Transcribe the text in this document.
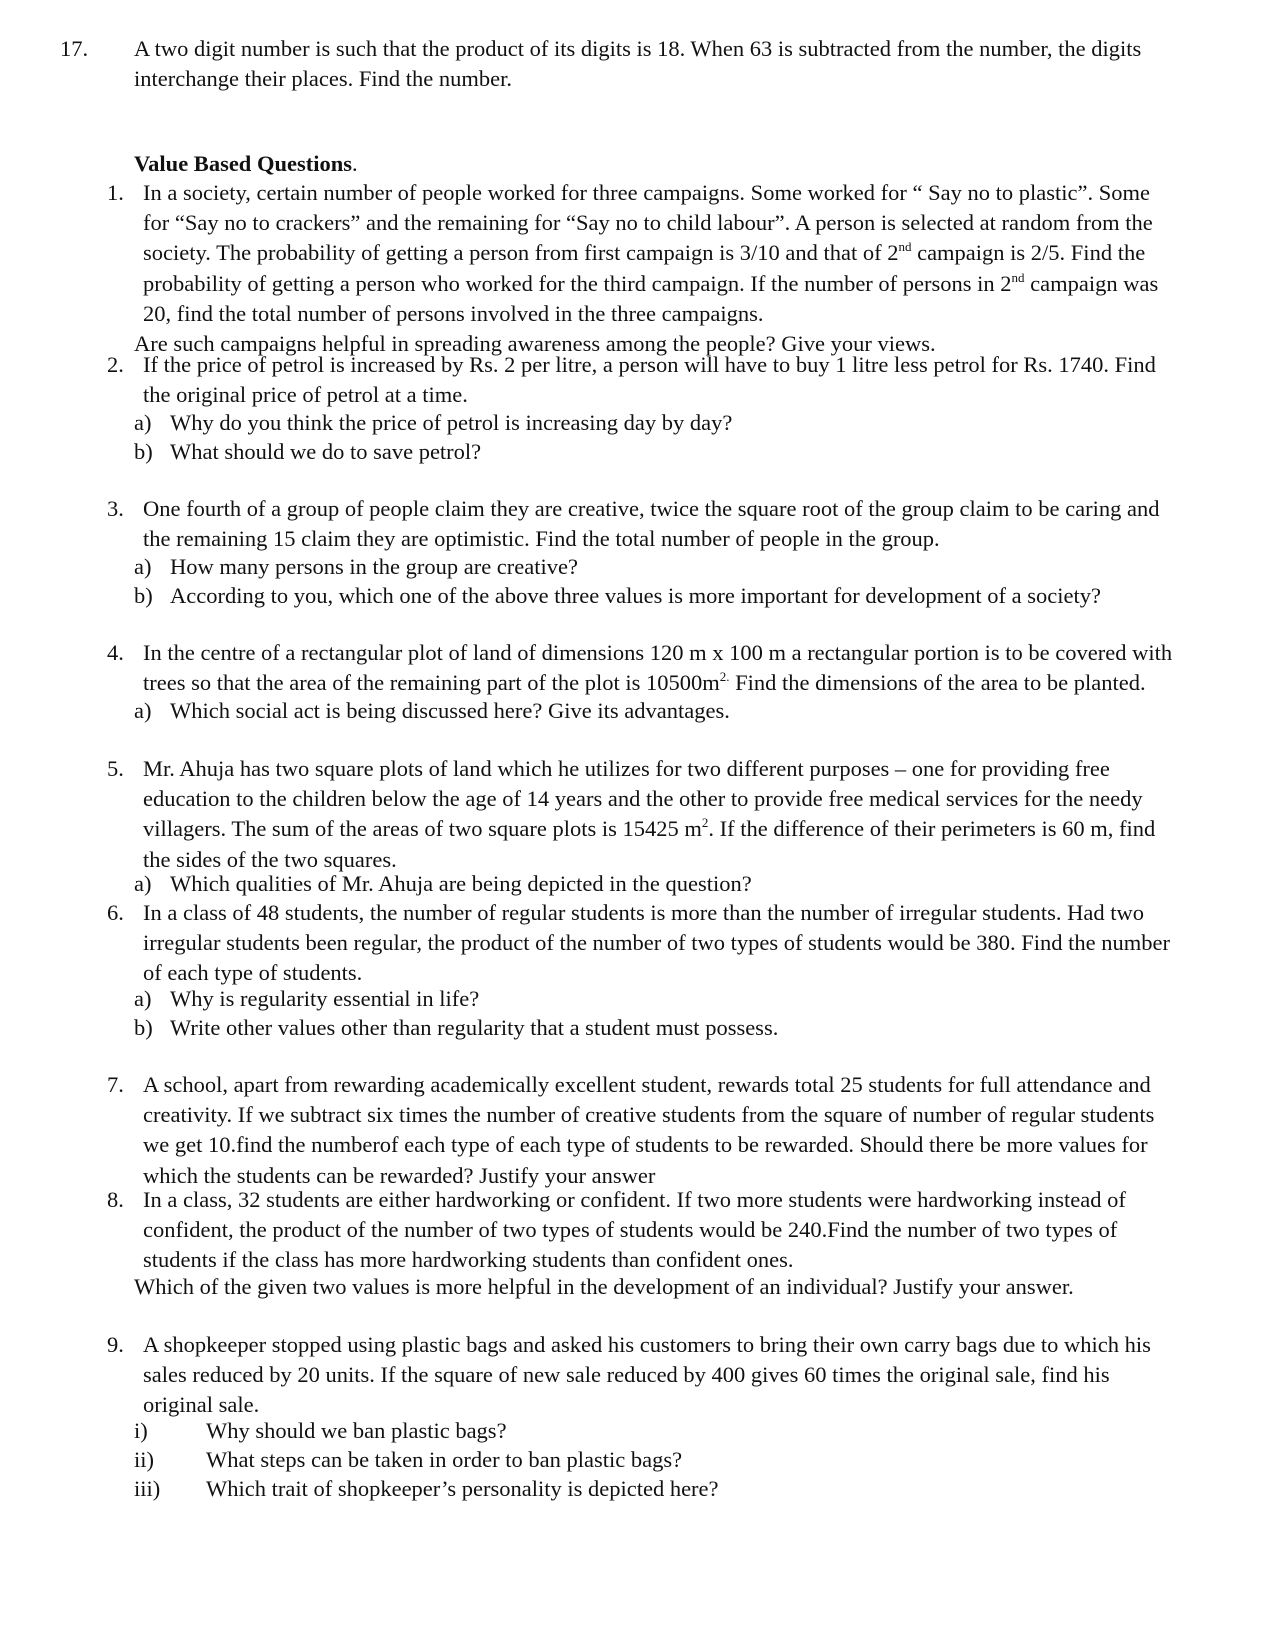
17. A two digit number is such that the product of its digits is 18. When 63 is subtracted from the number, the digits
interchange their places. Find the number.
Value Based Questions.
1. In a society, certain number of people worked for three campaigns. Some worked for “ Say no to plastic”. Some
for “Say no to crackers” and the remaining for “Say no to child labour”. A person is selected at random from the
society. The probability of getting a person from first campaign is 3/10 and that of 2nd campaign is 2/5. Find the
probability of getting a person who worked for the third campaign. If the number of persons in 2nd campaign was
20, find the total number of persons involved in the three campaigns.
Are such campaigns helpful in spreading awareness among the people? Give your views.
2. If the price of petrol is increased by Rs. 2 per litre, a person will have to buy 1 litre less petrol for Rs. 1740. Find
the original price of petrol at a time.
a) Why do you think the price of petrol is increasing day by day?
b) What should we do to save petrol?
3. One fourth of a group of people claim they are creative, twice the square root of the group claim to be caring and
the remaining 15 claim they are optimistic. Find the total number of people in the group.
a) How many persons in the group are creative?
b) According to you, which one of the above three values is more important for development of a society?
4. In the centre of a rectangular plot of land of dimensions 120 m x 100 m a rectangular portion is to be covered with
trees so that the area of the remaining part of the plot is $10500m^{2.}$ Find the dimensions of the area to be planted.
a) Which social act is being discussed here? Give its advantages.
5. Mr. Ahuja has two square plots of land which he utilizes for two different purposes – one for providing free
education to the children below the age of 14 years and the other to provide free medical services for the needy
villagers. The sum of the areas of two square plots is 15425 $m^2$. If the difference of their perimeters is 60 m, find
the sides of the two squares.
a) Which qualities of Mr. Ahuja are being depicted in the question?
6. In a class of 48 students, the number of regular students is more than the number of irregular students. Had two
irregular students been regular, the product of the number of two types of students would be 380. Find the number
of each type of students.
a) Why is regularity essential in life?
b) Write other values other than regularity that a student must possess.
7. A school, apart from rewarding academically excellent student, rewards total 25 students for full attendance and
creativity. If we subtract six times the number of creative students from the square of number of regular students
we get 10.find the numberof each type of each type of students to be rewarded. Should there be more values for
which the students can be rewarded? Justify your answer
8. In a class, 32 students are either hardworking or confident. If two more students were hardworking instead of
confident, the product of the number of two types of students would be 240.Find the number of two types of
students if the class has more hardworking students than confident ones.
Which of the given two values is more helpful in the development of an individual? Justify your answer.
9. A shopkeeper stopped using plastic bags and asked his customers to bring their own carry bags due to which his
sales reduced by 20 units. If the square of new sale reduced by 400 gives 60 times the original sale, find his
original sale.
i)	Why should we ban plastic bags?
ii) What steps can be taken in order to ban plastic bags?
iii) Which trait of shopkeeper’s personality is depicted here?
